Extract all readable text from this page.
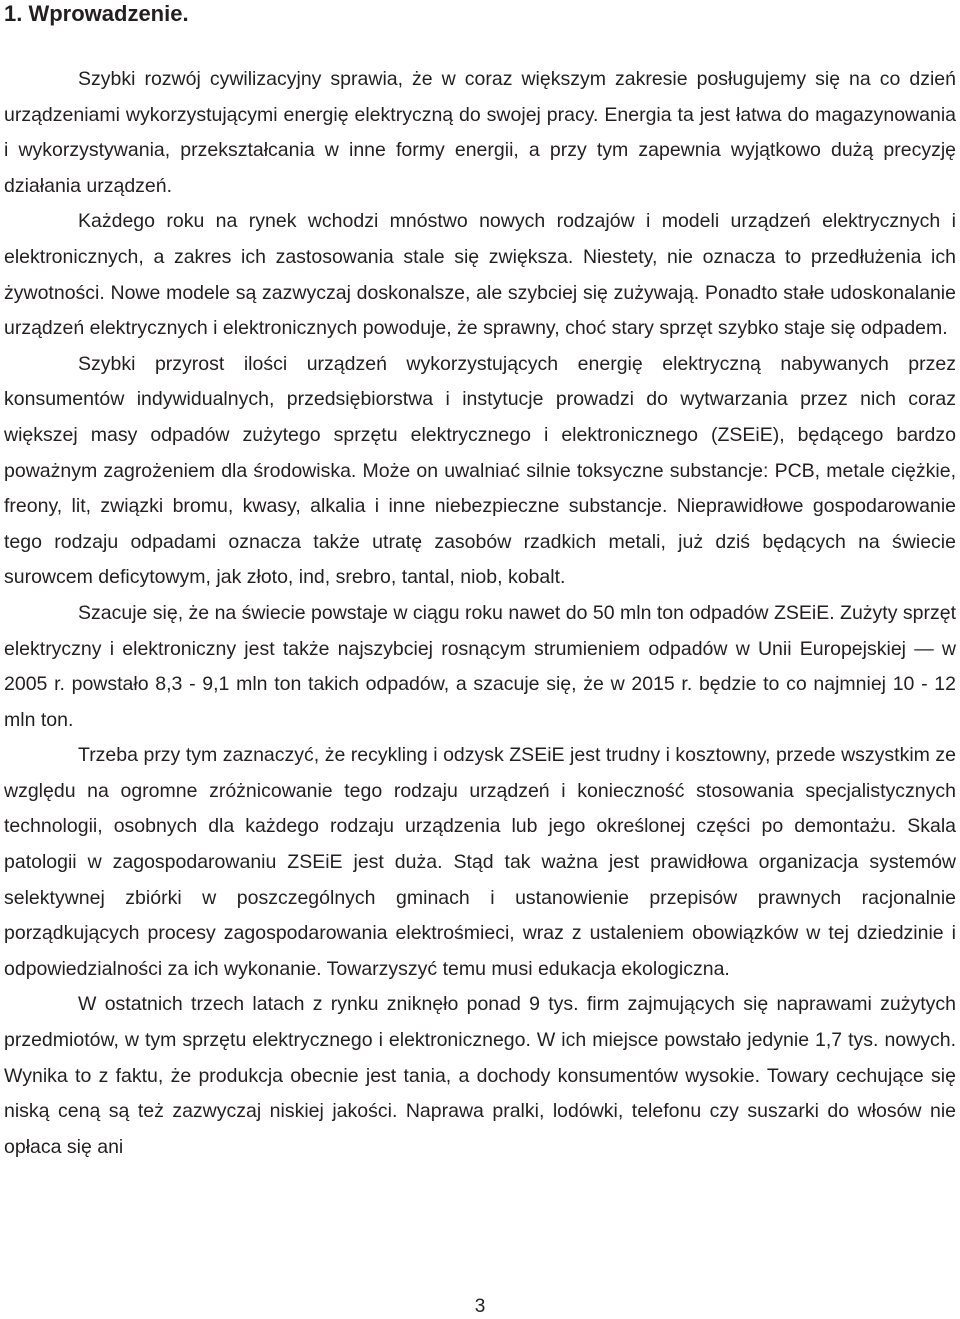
1. Wprowadzenie.

Szybki rozwój cywilizacyjny sprawia, że w coraz większym zakresie posługujemy się na co dzień urządzeniami wykorzystującymi energię elektryczną do swojej pracy. Energia ta jest łatwa do magazynowania i wykorzystywania, przekształcania w inne formy energii, a przy tym zapewnia wyjątkowo dużą precyzję działania urządzeń.

Każdego roku na rynek wchodzi mnóstwo nowych rodzajów i modeli urządzeń elektrycznych i elektronicznych, a zakres ich zastosowania stale się zwiększa. Niestety, nie oznacza to przedłużenia ich żywotności. Nowe modele są zazwyczaj doskonalsze, ale szybciej się zużywają. Ponadto stałe udoskonalanie urządzeń elektrycznych i elektronicznych powoduje, że sprawny, choć stary sprzęt szybko staje się odpadem.

Szybki przyrost ilości urządzeń wykorzystujących energię elektryczną nabywanych przez konsumentów indywidualnych, przedsiębiorstwa i instytucje prowadzi do wytwarzania przez nich coraz większej masy odpadów zużytego sprzętu elektrycznego i elektronicznego (ZSEiE), będącego bardzo poważnym zagrożeniem dla środowiska. Może on uwalniać silnie toksyczne substancje: PCB, metale ciężkie, freony, lit, związki bromu, kwasy, alkalia i inne niebezpieczne substancje. Nieprawidłowe gospodarowanie tego rodzaju odpadami oznacza także utratę zasobów rzadkich metali, już dziś będących na świecie surowcem deficytowym, jak złoto, ind, srebro, tantal, niob, kobalt.

Szacuje się, że na świecie powstaje w ciągu roku nawet do 50 mln ton odpadów ZSEiE. Zużyty sprzęt elektryczny i elektroniczny jest także najszybciej rosnącym strumieniem odpadów w Unii Europejskiej — w 2005 r. powstało 8,3 - 9,1 mln ton takich odpadów, a szacuje się, że w 2015 r. będzie to co najmniej 10 - 12 mln ton.

Trzeba przy tym zaznaczyć, że recykling i odzysk ZSEiE jest trudny i kosztowny, przede wszystkim ze względu na ogromne zróżnicowanie tego rodzaju urządzeń i konieczność stosowania specjalistycznych technologii, osobnych dla każdego rodzaju urządzenia lub jego określonej części po demontażu. Skala patologii w zagospodarowaniu ZSEiE jest duża. Stąd tak ważna jest prawidłowa organizacja systemów selektywnej zbiórki w poszczególnych gminach i ustanowienie przepisów prawnych racjonalnie porządkujących procesy zagospodarowania elektrośmieci, wraz z ustaleniem obowiązków w tej dziedzinie i odpowiedzialności za ich wykonanie. Towarzyszyć temu musi edukacja ekologiczna.

W ostatnich trzech latach z rynku zniknęło ponad 9 tys. firm zajmujących się naprawami zużytych przedmiotów, w tym sprzętu elektrycznego i elektronicznego. W ich miejsce powstało jedynie 1,7 tys. nowych. Wynika to z faktu, że produkcja obecnie jest tania, a dochody konsumentów wysokie. Towary cechujące się niską ceną są też zazwyczaj niskiej jakości. Naprawa pralki, lodówki, telefonu czy suszarki do włosów nie opłaca się ani

3
